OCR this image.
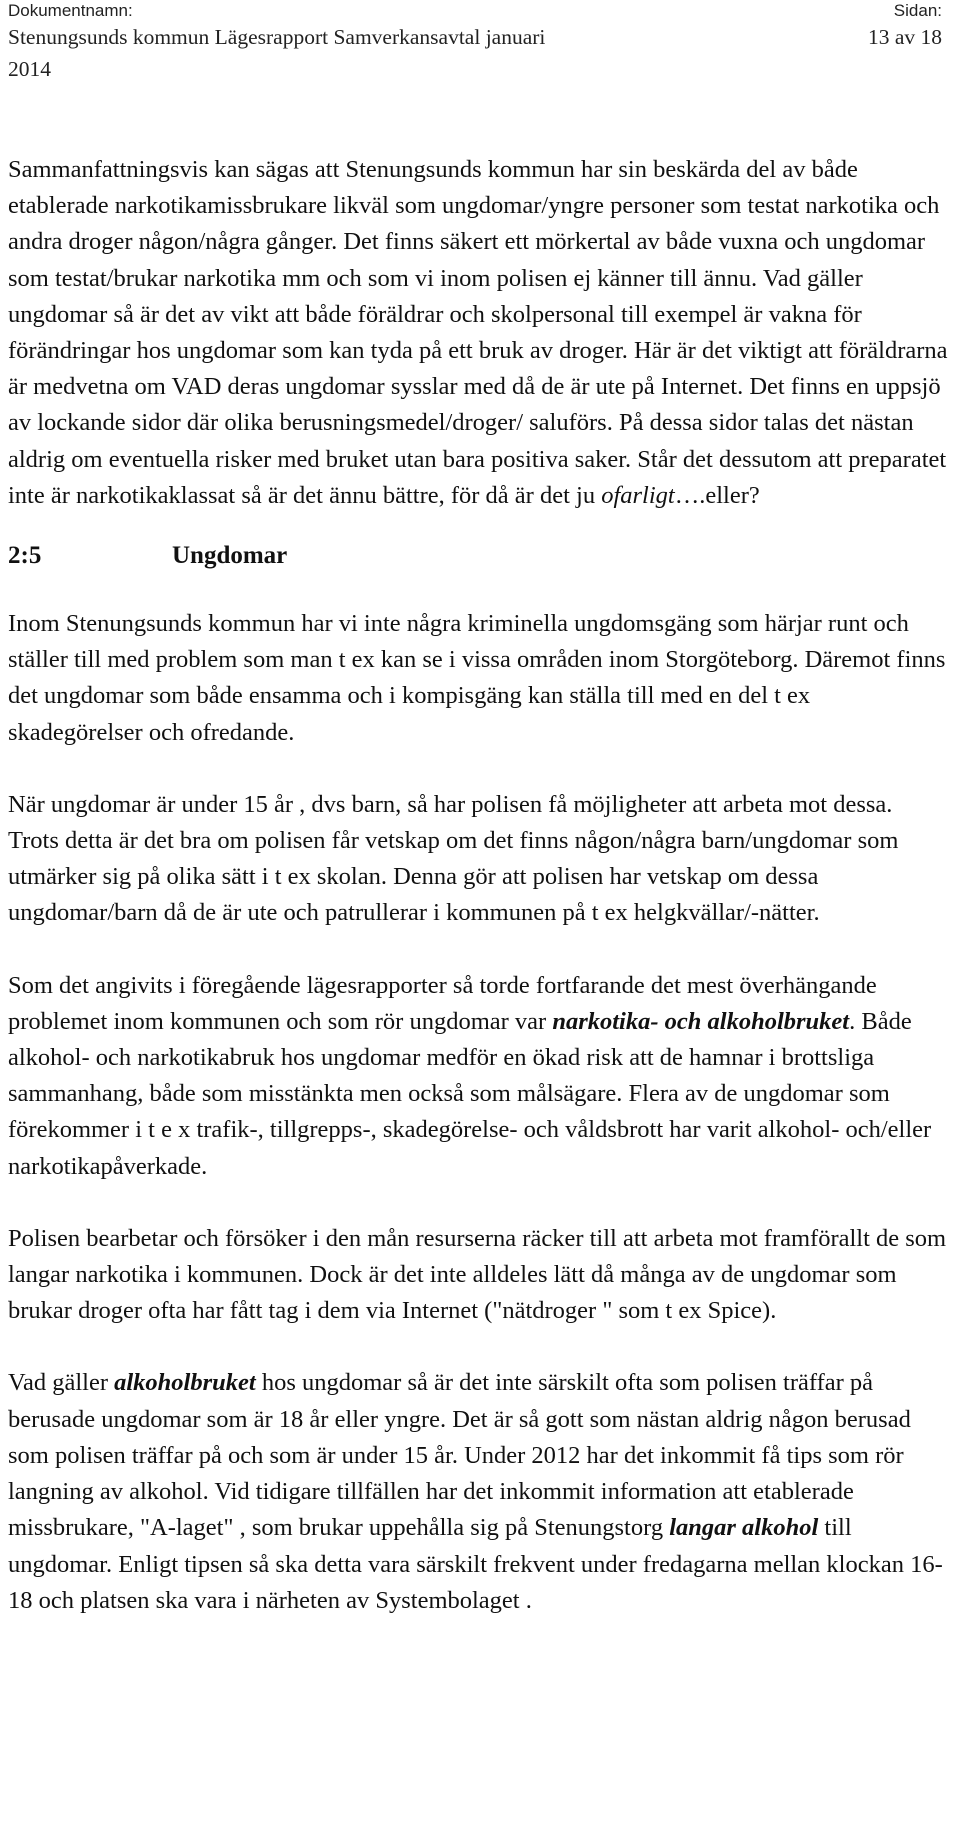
Dokumentnamn:	Sidan:
Stenungsunds kommun Lägesrapport Samverkansavtal januari
2014
13 av 18

Sammanfattningsvis kan sägas att Stenungsunds kommun har sin beskärda del av både etablerade narkotikamissbrukare likväl som ungdomar/yngre personer som testat narkotika och andra droger någon/några gånger. Det finns säkert ett mörkertal av både vuxna och ungdomar som testat/brukar narkotika mm och som vi inom polisen ej känner till ännu. Vad gäller ungdomar så är det av vikt att både föräldrar och skolpersonal till exempel är vakna för förändringar hos ungdomar som kan tyda på ett bruk av droger. Här är det viktigt att föräldrarna är medvetna om VAD deras ungdomar sysslar med då de är ute på Internet. Det finns en uppsjö av lockande sidor där olika berusningsmedel/droger/ saluförs. På dessa sidor talas det nästan aldrig om eventuella risker med bruket utan bara positiva saker. Står det dessutom att preparatet inte är narkotikaklassat så är det ännu bättre, för då är det ju ofarligt….eller?

2:5	Ungdomar

Inom Stenungsunds kommun har vi inte några kriminella ungdomsgäng som härjar runt och ställer till med problem som man t ex kan se i vissa områden inom Storgöteborg. Däremot finns det ungdomar som både ensamma och i kompisgäng kan ställa till med en del t ex skadegörelser och ofredande.

När ungdomar är under 15 år , dvs barn, så har polisen få möjligheter att arbeta mot dessa. Trots detta är det bra om polisen får vetskap om det finns någon/några barn/ungdomar som utmärker sig på olika sätt i t ex skolan. Denna gör att polisen har vetskap om dessa ungdomar/barn då de är ute och patrullerar i kommunen på t ex helgkvällar/-nätter.

Som det angivits i föregående lägesrapporter så torde fortfarande det mest överhängande problemet inom kommunen och som rör ungdomar var narkotika- och alkoholbruket. Både alkohol- och narkotikabruk hos ungdomar medför en ökad risk att de hamnar i brottsliga sammanhang, både som misstänkta men också som målsägare. Flera av de ungdomar som förekommer i t e x trafik-, tillgrepps-, skadegörelse- och våldsbrott har varit alkohol- och/eller narkotikapåverkade.

Polisen bearbetar och försöker i den mån resurserna räcker till att arbeta mot framförallt de som langar narkotika i kommunen. Dock är det inte alldeles lätt då många av de ungdomar som brukar droger ofta har fått tag i dem via Internet ("nätdroger " som t ex Spice).

Vad gäller alkoholbruket hos ungdomar så är det inte särskilt ofta som polisen träffar på berusade ungdomar som är 18 år eller yngre. Det är så gott som nästan aldrig någon berusad som polisen träffar på och som är under 15 år. Under 2012 har det inkommit få tips som rör langning av alkohol. Vid tidigare tillfällen har det inkommit information att etablerade missbrukare, "A-laget" , som brukar uppehålla sig på Stenungstorg langar alkohol till ungdomar. Enligt tipsen så ska detta vara särskilt frekvent under fredagarna mellan klockan 16-18 och platsen ska vara i närheten av Systembolaget .
